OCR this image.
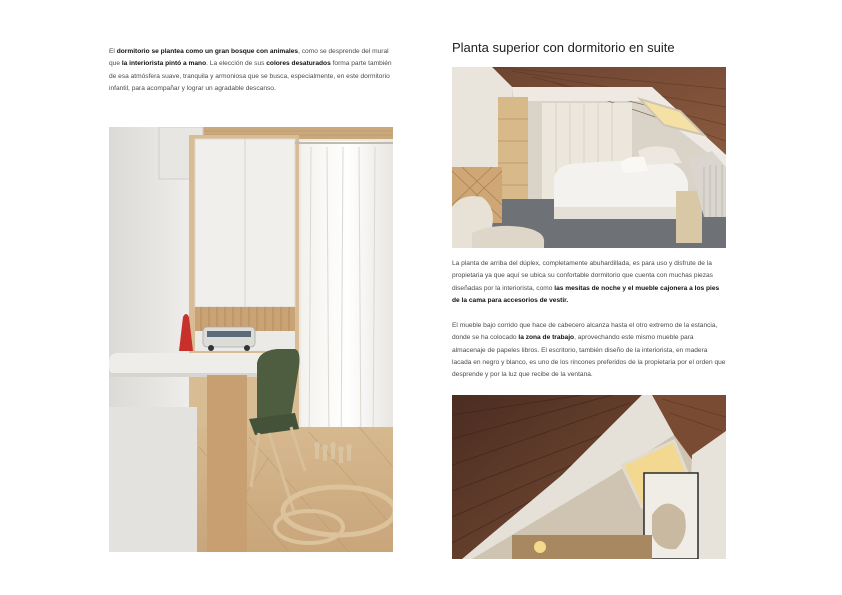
El dormitorio se plantea como un gran bosque con animales, como se desprende del mural que la interiorista pintó a mano. La elección de sus colores desaturados forma parte también de esa atmósfera suave, tranquila y armoniosa que se busca, especialmente, en este dormitorio infantil, para acompañar y lograr un agradable descanso.

Planta superior con dormitorio en suite

La planta de arriba del dúplex, completamente abuhardillada, es para uso y disfrute de la propietaria ya que aquí se ubica su confortable dormitorio que cuenta con muchas piezas diseñadas por la interiorista, como las mesitas de noche y el mueble cajonera a los pies de la cama para accesorios de vestir.

El mueble bajo corrido que hace de cabecero alcanza hasta el otro extremo de la estancia, donde se ha colocado la zona de trabajo, aprovechando este mismo mueble para almacenaje de papeles libros. El escritorio, también diseño de la interiorista, en madera lacada en negro y blanco, es uno de los rincones preferidos de la propietaria por el orden que desprende y por la luz que recibe de la ventana.
